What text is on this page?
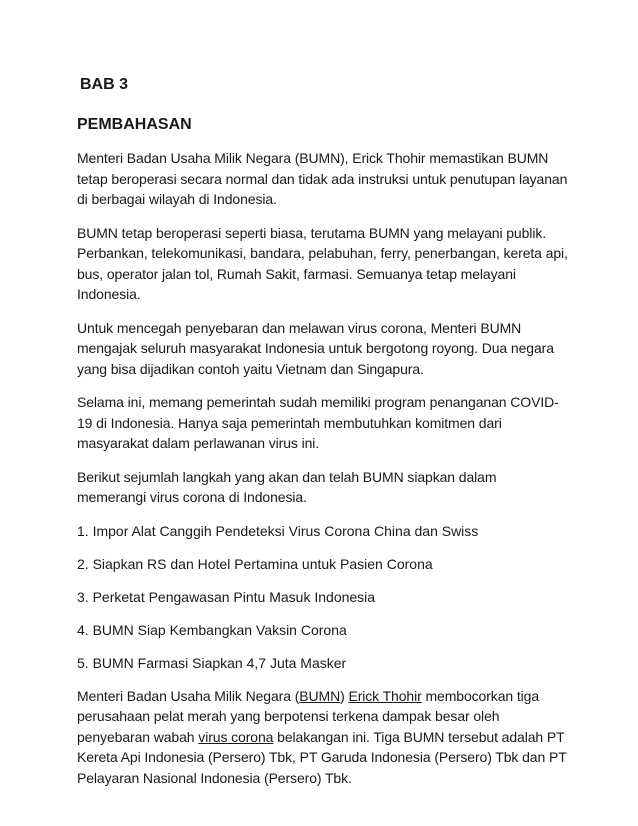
BAB 3
PEMBAHASAN

Menteri Badan Usaha Milik Negara (BUMN), Erick Thohir memastikan BUMN tetap beroperasi secara normal dan tidak ada instruksi untuk penutupan layanan di berbagai wilayah di Indonesia.

BUMN tetap beroperasi seperti biasa, terutama BUMN yang melayani publik. Perbankan, telekomunikasi, bandara, pelabuhan, ferry, penerbangan, kereta api, bus, operator jalan tol, Rumah Sakit, farmasi. Semuanya tetap melayani Indonesia.

Untuk mencegah penyebaran dan melawan virus corona, Menteri BUMN mengajak seluruh masyarakat Indonesia untuk bergotong royong. Dua negara yang bisa dijadikan contoh yaitu Vietnam dan Singapura.

Selama ini, memang pemerintah sudah memiliki program penanganan COVID-19 di Indonesia. Hanya saja pemerintah membutuhkan komitmen dari masyarakat dalam perlawanan virus ini.

Berikut sejumlah langkah yang akan dan telah BUMN siapkan dalam memerangi virus corona di Indonesia.

1. Impor Alat Canggih Pendeteksi Virus Corona China dan Swiss

2. Siapkan RS dan Hotel Pertamina untuk Pasien Corona

3. Perketat Pengawasan Pintu Masuk Indonesia

4. BUMN Siap Kembangkan Vaksin Corona

5. BUMN Farmasi Siapkan 4,7 Juta Masker

Menteri Badan Usaha Milik Negara (BUMN) Erick Thohir membocorkan tiga perusahaan pelat merah yang berpotensi terkena dampak besar oleh penyebaran wabah virus corona belakangan ini. Tiga BUMN tersebut adalah PT Kereta Api Indonesia (Persero) Tbk, PT Garuda Indonesia (Persero) Tbk dan PT Pelayaran Nasional Indonesia (Persero) Tbk.
